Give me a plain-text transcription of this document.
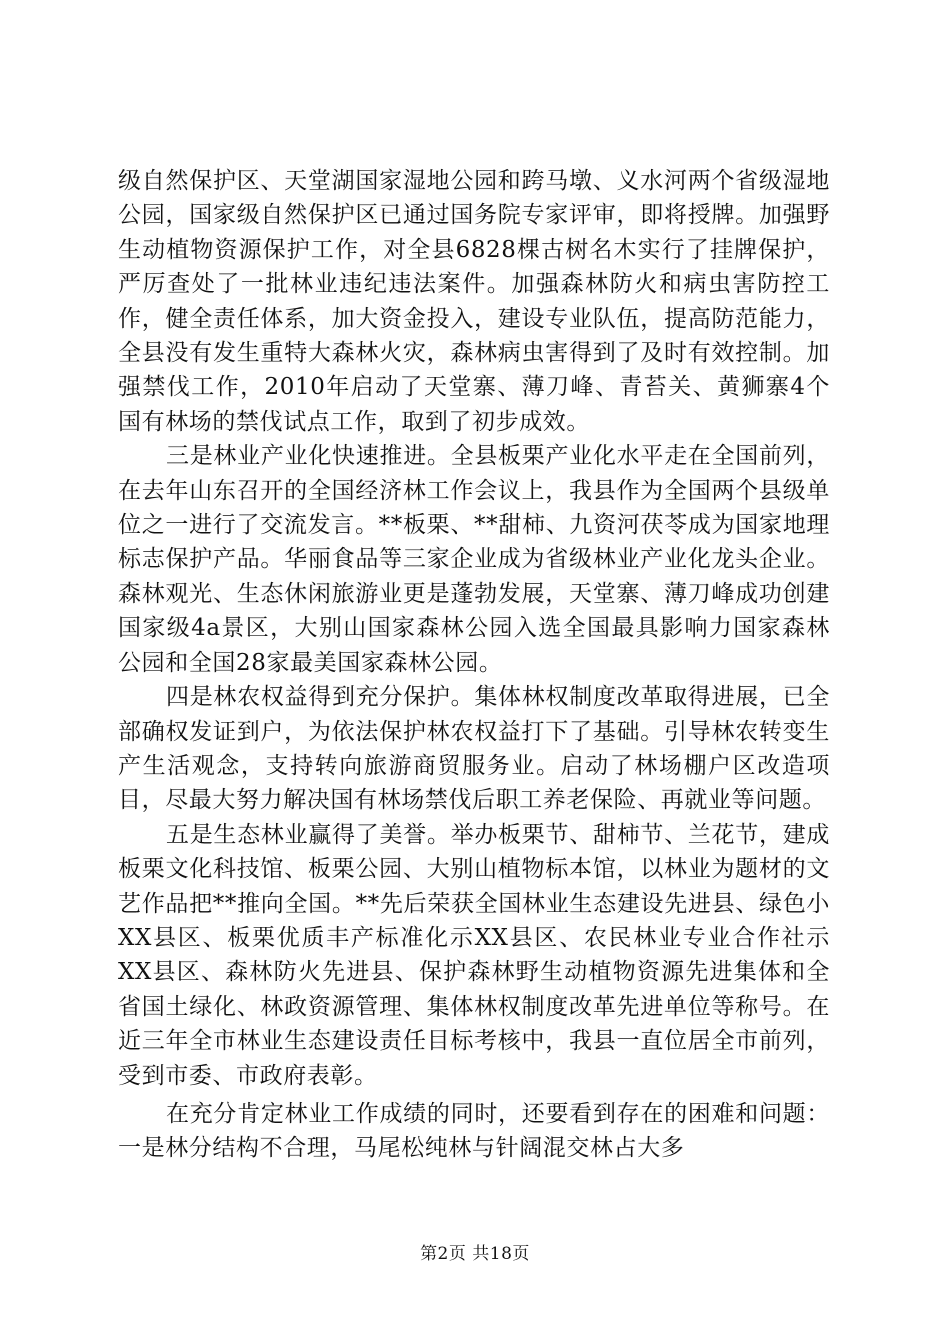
级自然保护区、天堂湖国家湿地公园和跨马墩、义水河两个省级湿地公园，国家级自然保护区已通过国务院专家评审，即将授牌。加强野生动植物资源保护工作，对全县6828棵古树名木实行了挂牌保护，严厉查处了一批林业违纪违法案件。加强森林防火和病虫害防控工作，健全责任体系，加大资金投入，建设专业队伍，提高防范能力，全县没有发生重特大森林火灾，森林病虫害得到了及时有效控制。加强禁伐工作，2010年启动了天堂寨、薄刀峰、青苔关、黄狮寨4个国有林场的禁伐试点工作，取到了初步成效。

三是林业产业化快速推进。全县板栗产业化水平走在全国前列，在去年山东召开的全国经济林工作会议上，我县作为全国两个县级单位之一进行了交流发言。**板栗、**甜柿、九资河茯苓成为国家地理标志保护产品。华丽食品等三家企业成为省级林业产业化龙头企业。森林观光、生态休闲旅游业更是蓬勃发展，天堂寨、薄刀峰成功创建国家级4a景区，大别山国家森林公园入选全国最具影响力国家森林公园和全国28家最美国家森林公园。

四是林农权益得到充分保护。集体林权制度改革取得进展，已全部确权发证到户，为依法保护林农权益打下了基础。引导林农转变生产生活观念，支持转向旅游商贸服务业。启动了林场棚户区改造项目，尽最大努力解决国有林场禁伐后职工养老保险、再就业等问题。

五是生态林业赢得了美誉。举办板栗节、甜柿节、兰花节，建成板栗文化科技馆、板栗公园、大别山植物标本馆，以林业为题材的文艺作品把**推向全国。**先后荣获全国林业生态建设先进县、绿色小XX县区、板栗优质丰产标准化示XX县区、农民林业专业合作社示XX县区、森林防火先进县、保护森林野生动植物资源先进集体和全省国土绿化、林政资源管理、集体林权制度改革先进单位等称号。在近三年全市林业生态建设责任目标考核中，我县一直位居全市前列，受到市委、市政府表彰。

在充分肯定林业工作成绩的同时，还要看到存在的困难和问题：一是林分结构不合理，马尾松纯林与针阔混交林占大多

第2页 共18页
